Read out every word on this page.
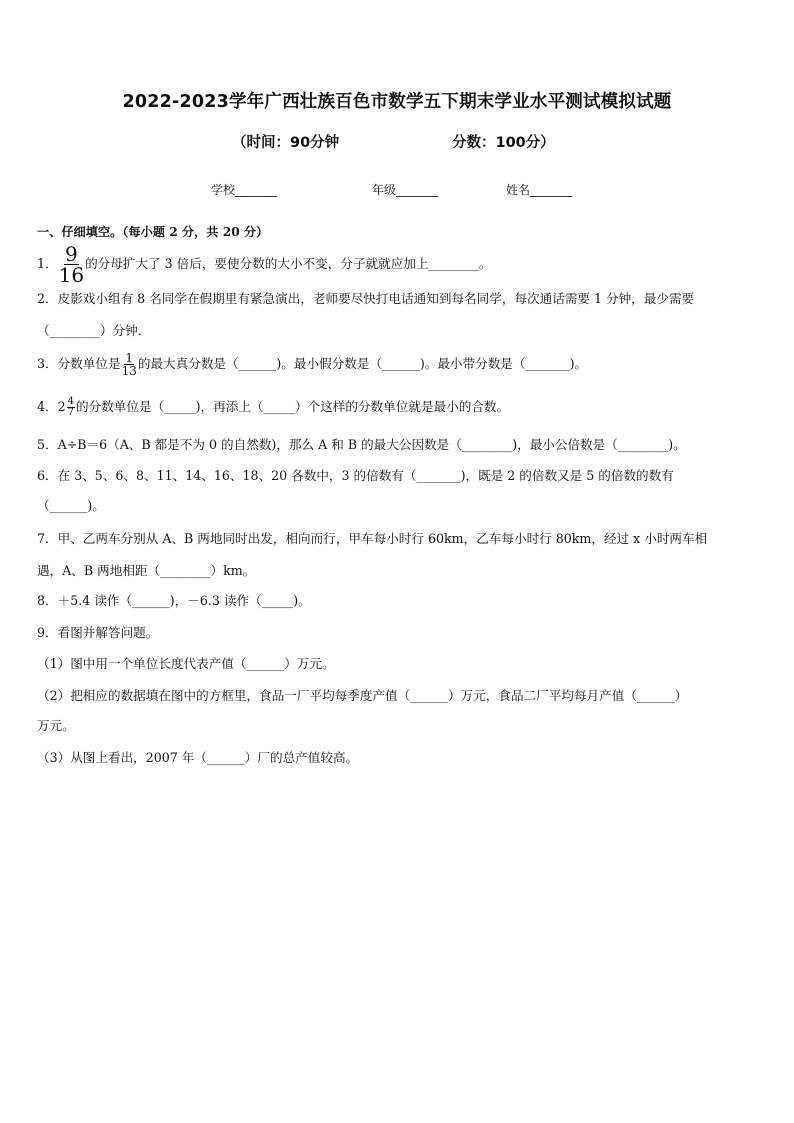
2022-2023学年广西壮族百色市数学五下期末学业水平测试模拟试题
（时间：90分钟	分数：100分）
学校_______	年级_______	姓名_______
一、仔细填空。（每小题 2 分，共 20 分）
1． $\frac{9}{16}$ 的分母扩大了 3 倍后，要使分数的大小不变，分子就就应加上________。
2．皮影戏小组有 8 名同学在假期里有紧急演出，老师要尽快打电话通知到每名同学，每次通话需要 1 分钟，最少需要
（________）分钟．
3．分数单位是 $\frac{1}{13}$ 的最大真分数是（______)。最小假分数是（______)。最小带分数是（_______)。
4．$2 \frac{4}{7}$ 的分数单位是（_____)，再添上（_____）个这样的分数单位就是最小的合数。
5．A÷B＝6（A、B 都是不为 0 的自然数)，那么 A 和 B 的最大公因数是（________)，最小公倍数是（________)。
6．在 3、5、6、8、11、14、16、18、20 各数中，3 的倍数有（_______)，既是 2 的倍数又是 5 的倍数的数有
（______)。
7．甲、乙两车分别从 A、B 两地同时出发，相向而行，甲车每小时行 60km，乙车每小时行 80km，经过 x 小时两车相
遇，A、B 两地相距（________）km。
8．＋5.4 读作（______)，－6.3 读作（_____)。
9．看图并解答问题。
（1）图中用一个单位长度代表产值（______）万元。
（2）把相应的数据填在图中的方框里，食品一厂平均每季度产值（______）万元，食品二厂平均每月产值（______）
万元。
（3）从图上看出，2007 年（______）厂的总产值较高。
